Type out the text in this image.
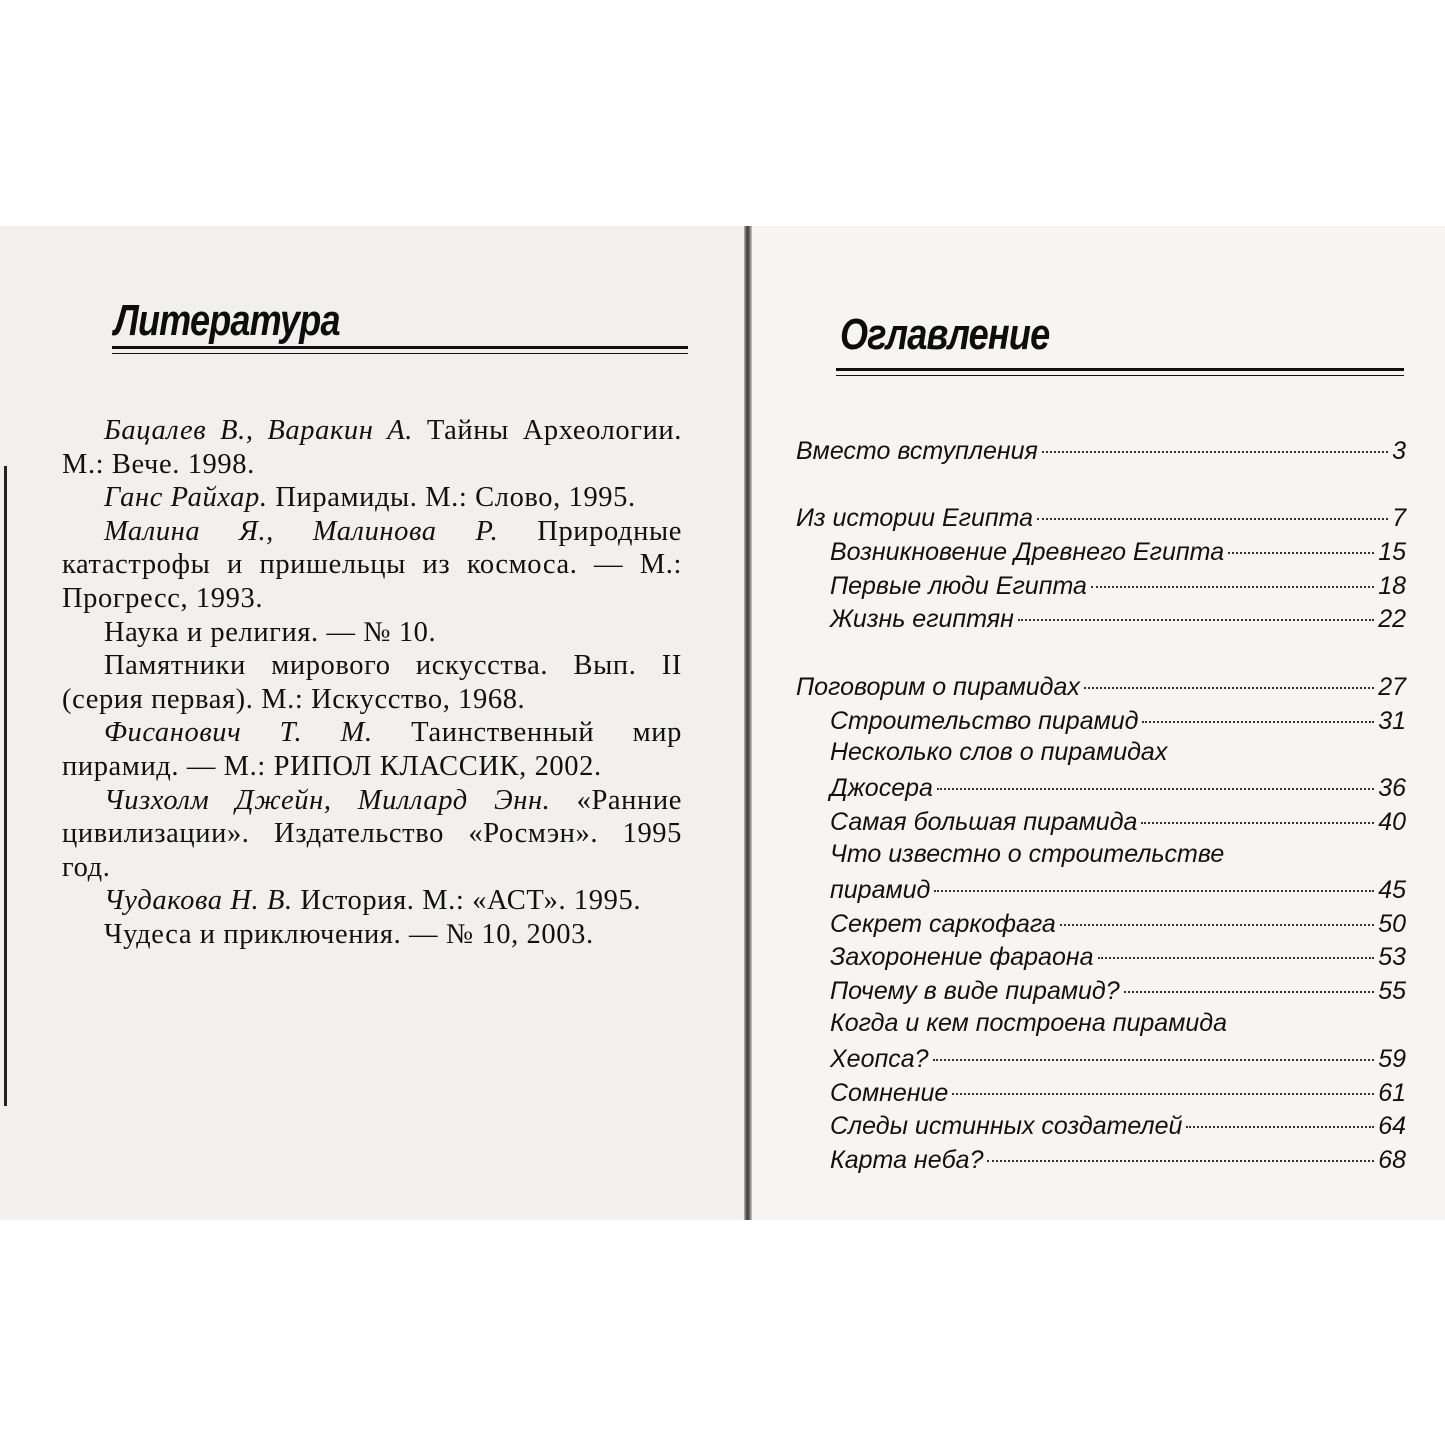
Литература

Бацалев В., Варакин А. Тайны Археологии. М.: Вече. 1998.

Ганс Райхар. Пирамиды. М.: Слово, 1995.

Малина Я., Малинова Р. Природные катастрофы и пришельцы из космоса. — М.: Прогресс, 1993.

Наука и религия. — № 10.

Памятники мирового искусства. Вып. II (серия первая). М.: Искусство, 1968.

Фисанович Т. М. Таинственный мир пирамид. — М.: РИПОЛ КЛАССИК, 2002.

Чизхолм Джейн, Миллард Энн. «Ранние цивилизации». Издательство «Росмэн». 1995 год.

Чудакова Н. В. История. М.: «АСТ». 1995.

Чудеса и приключения. — № 10, 2003.

Оглавление
Вместо вступления	3
Из истории Египта	7
Возникновение Древнего Египта	15
Первые люди Египта	18
Жизнь египтян	22
Поговорим о пирамидах	27
Строительство пирамид	31
Несколько слов о пирамидах
Джосера	36
Самая большая пирамида	40
Что известно о строительстве
пирамид	45
Секрет саркофага	50
Захоронение фараона	53
Почему в виде пирамид?	55
Когда и кем построена пирамида
Хеопса?	59
Сомнение	61
Следы истинных создателей	64
Карта неба?	68
